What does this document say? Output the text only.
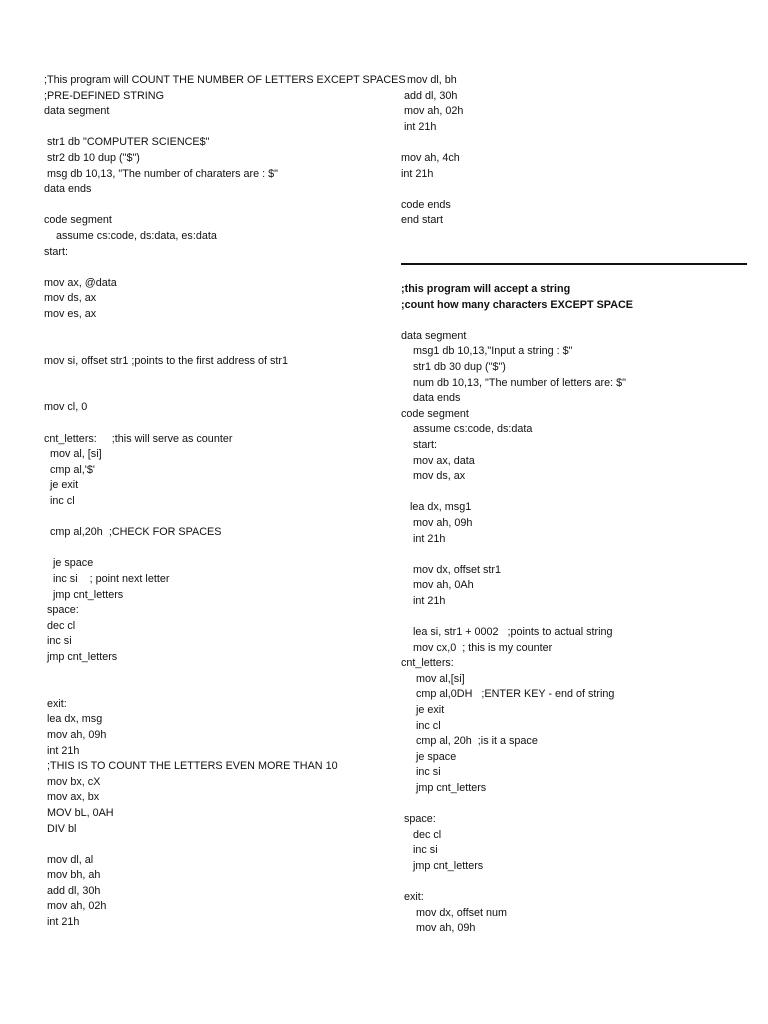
;This program will COUNT THE NUMBER OF LETTERS EXCEPT SPACES
;PRE-DEFINED STRING
data segment
str1 db "COMPUTER SCIENCE$"
str2 db 10 dup ("$")
msg db 10,13, "The number of charaters are : $"
data ends
code segment
assume cs:code, ds:data, es:data
start:
mov ax, @data
mov ds, ax
mov es, ax
mov si, offset str1 ;points to the first address of str1
mov cl, 0
cnt_letters:     ;this will serve as counter
mov al, [si]
cmp al,'$'
je exit
inc cl
cmp al,20h  ;CHECK FOR SPACES
je space
inc si    ; point next letter
jmp cnt_letters
space:
dec cl
inc si
jmp cnt_letters
exit:
lea dx, msg
mov ah, 09h
int 21h
;THIS IS TO COUNT THE LETTERS EVEN MORE THAN 10
mov bx, cX
mov ax, bx
MOV bL, 0AH
DIV bl
mov dl, al
mov bh, ah
add dl, 30h
mov ah, 02h
int 21h
mov dl, bh
add dl, 30h
mov ah, 02h
int 21h
mov ah, 4ch
int 21h
code ends
end start
;this program will accept a string
;count how many characters EXCEPT SPACE
data segment
msg1 db 10,13,"Input a string : $"
str1 db 30 dup ("$")
num db 10,13, "The number of letters are: $"
data ends
code segment
assume cs:code, ds:data
start:
mov ax, data
mov ds, ax
lea dx, msg1
mov ah, 09h
int 21h
mov dx, offset str1
mov ah, 0Ah
int 21h
lea si, str1 + 0002   ;points to actual string
mov cx,0  ; this is my counter
cnt_letters:
mov al,[si]
cmp al,0DH   ;ENTER KEY - end of string
je exit
inc cl
cmp al, 20h  ;is it a space
je space
inc si
jmp cnt_letters
space:
dec cl
inc si
jmp cnt_letters
exit:
mov dx, offset num
mov ah, 09h
